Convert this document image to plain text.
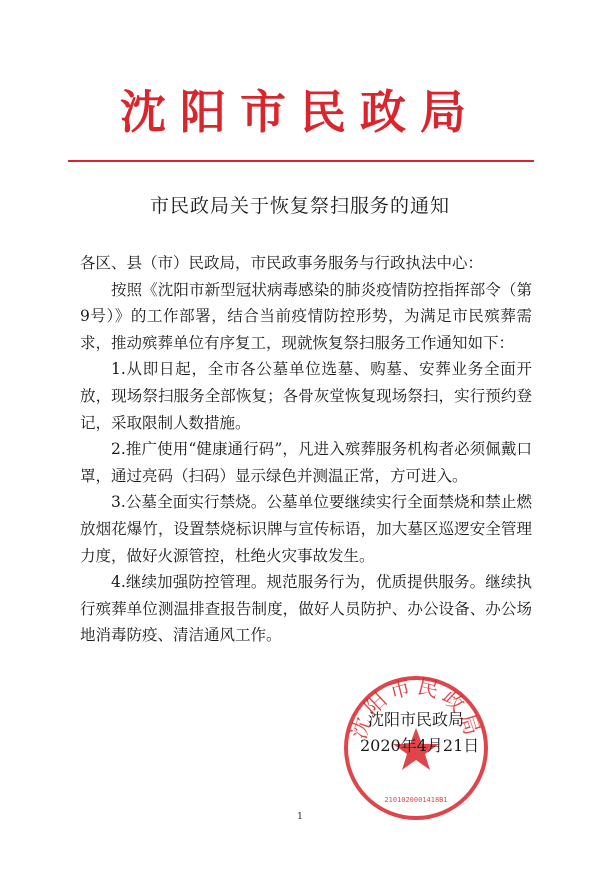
沈阳市民政局
市民政局关于恢复祭扫服务的通知

各区、县（市）民政局，市民政事务服务与行政执法中心：

按照《沈阳市新型冠状病毒感染的肺炎疫情防控指挥部令（第9号）》的工作部署，结合当前疫情防控形势，为满足市民殡葬需求，推动殡葬单位有序复工，现就恢复祭扫服务工作通知如下：

1.从即日起，全市各公墓单位选墓、购墓、安葬业务全面开放，现场祭扫服务全部恢复；各骨灰堂恢复现场祭扫，实行预约登记，采取限制人数措施。

2.推广使用“健康通行码”，凡进入殡葬服务机构者必须佩戴口罩，通过亮码（扫码）显示绿色并测温正常，方可进入。

3.公墓全面实行禁烧。公墓单位要继续实行全面禁烧和禁止燃放烟花爆竹，设置禁烧标识牌与宣传标语，加大墓区巡逻安全管理力度，做好火源管控，杜绝火灾事故发生。

4.继续加强防控管理。规范服务行为，优质提供服务。继续执行殡葬单位测温排查报告制度，做好人员防护、办公设备、办公场地消毒防疫、清洁通风工作。

沈阳市民政局
2101020001418B1
沈阳市民政局
2020年4月21日
1
